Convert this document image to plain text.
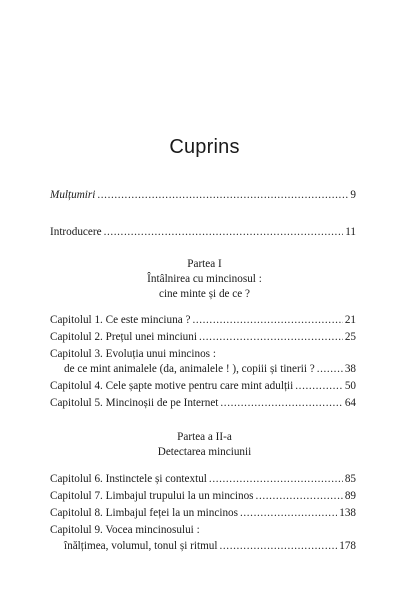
Cuprins
Mulțumiri .....	9
Introducere .....	11
Partea I
Întâlnirea cu mincinosul :
cine minte și de ce ?
Capitolul 1. Ce este minciuna ? .....	21
Capitolul 2. Prețul unei minciuni .....	25
Capitolul 3. Evoluția unui mincinos :
de ce mint animalele (da, animalele ! ), copiii și tinerii ? .....	38
Capitolul 4. Cele șapte motive pentru care mint adulții .....	50
Capitolul 5. Mincinoșii de pe Internet .....	64
Partea a II-a
Detectarea minciunii
Capitolul 6. Instinctele și contextul .....	85
Capitolul 7. Limbajul trupului la un mincinos .....	89
Capitolul 8. Limbajul feței la un mincinos .....	138
Capitolul 9. Vocea mincinosului :
înălțimea, volumul, tonul și ritmul .....	178
